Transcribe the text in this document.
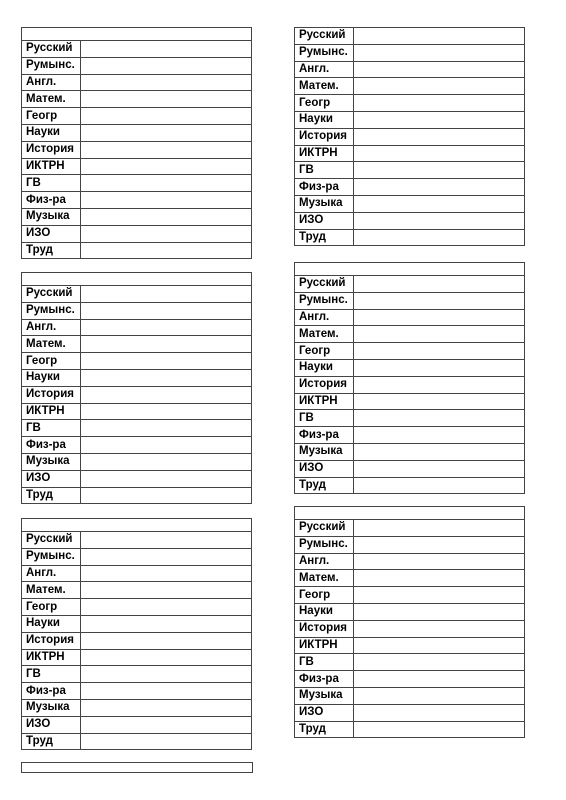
Русский	
Румынс.	
Англ.	
Матем.	
Геогр	
Науки	
История	
ИКТРН	
ГВ	
Физ-ра	
Музыка	
ИЗО	
Труд	
Русский	
Румынс.	
Англ.	
Матем.	
Геогр	
Науки	
История	
ИКТРН	
ГВ	
Физ-ра	
Музыка	
ИЗО	
Труд	

Русский	
Румынс.	
Англ.	
Матем.	
Геогр	
Науки	
История	
ИКТРН	
ГВ	
Физ-ра	
Музыка	
ИЗО	
Труд	

Русский	
Румынс.	
Англ.	
Матем.	
Геогр	
Науки	
История	
ИКТРН	
ГВ	
Физ-ра	
Музыка	
ИЗО	
Труд	

Русский	
Румынс.	
Англ.	
Матем.	
Геогр	
Науки	
История	
ИКТРН	
ГВ	
Физ-ра	
Музыка	
ИЗО	
Труд	

Русский	
Румынс.	
Англ.	
Матем.	
Геогр	
Науки	
История	
ИКТРН	
ГВ	
Физ-ра	
Музыка	
ИЗО	
Труд	
